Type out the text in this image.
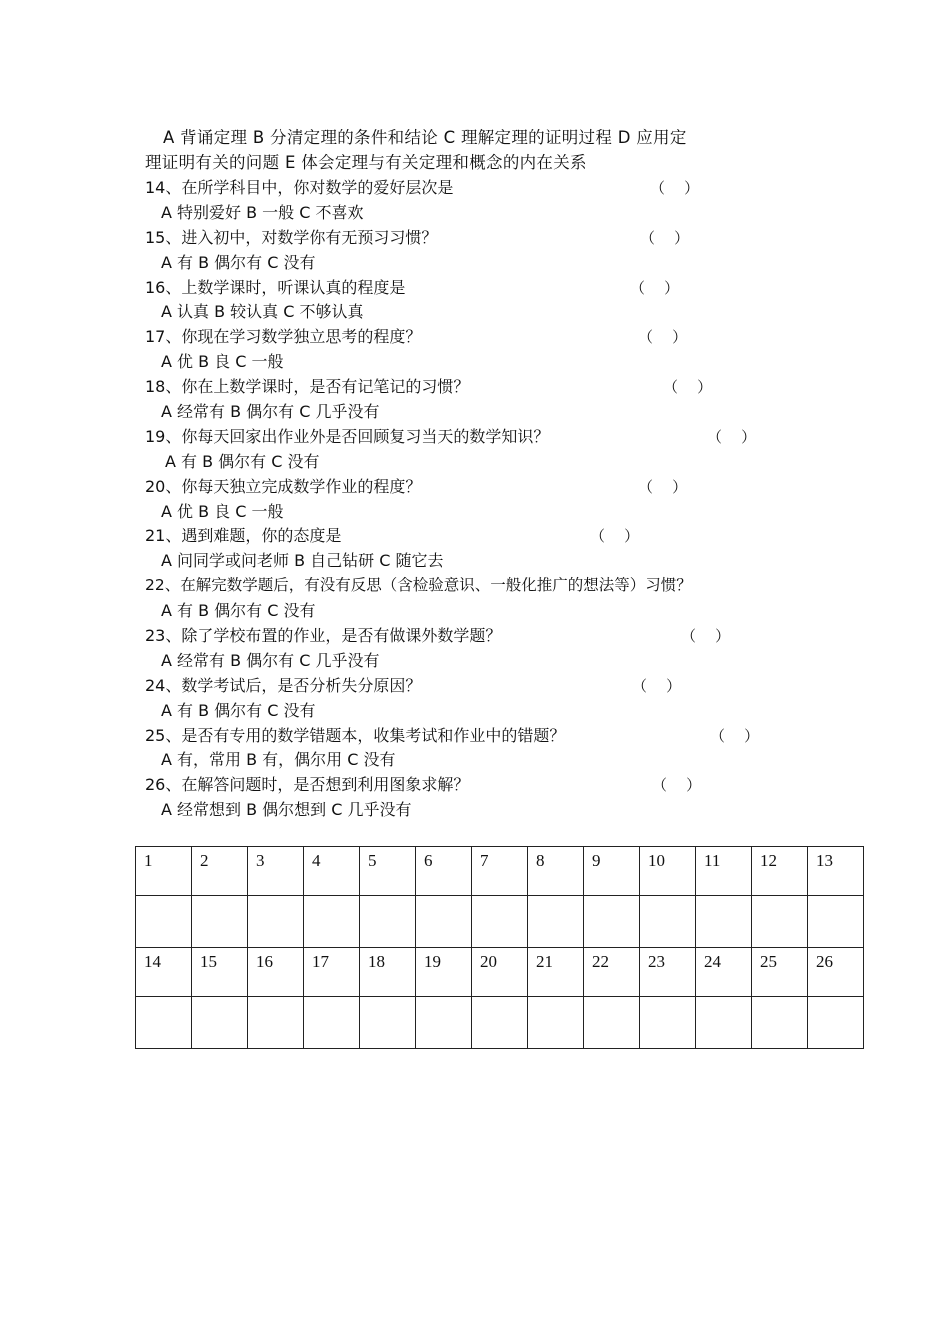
A 背诵定理 B 分清定理的条件和结论 C 理解定理的证明过程 D 应用定
理证明有关的问题 E 体会定理与有关定理和概念的内在关系
14、在所学科目中，你对数学的爱好层次是	（    ）
A 特别爱好 B 一般 C 不喜欢
15、进入初中，对数学你有无预习习惯？	（    ）
A 有 B 偶尔有 C 没有
16、上数学课时，听课认真的程度是	（    ）
A 认真 B 较认真 C 不够认真
17、你现在学习数学独立思考的程度？	（    ）
A 优 B 良 C 一般
18、你在上数学课时，是否有记笔记的习惯？	（    ）
A 经常有 B 偶尔有 C 几乎没有
19、你每天回家出作业外是否回顾复习当天的数学知识？	（    ）
A 有 B 偶尔有 C 没有
20、你每天独立完成数学作业的程度？	（    ）
A 优 B 良 C 一般
21、遇到难题，你的态度是	（    ）
A 问同学或问老师 B 自己钻研 C 随它去
22、在解完数学题后，有没有反思（含检验意识、一般化推广的想法等）习惯？
A 有 B 偶尔有 C 没有
23、除了学校布置的作业，是否有做课外数学题？	（    ）
A 经常有 B 偶尔有 C 几乎没有
24、数学考试后，是否分析失分原因？	（    ）
A 有 B 偶尔有 C 没有
25、是否有专用的数学错题本，收集考试和作业中的错题？	（    ）
A 有，常用 B 有，偶尔用 C 没有
26、在解答问题时，是否想到利用图象求解？	（    ）
A 经常想到 B 偶尔想到 C 几乎没有
1	2	3	4	5	6	7	8	9	10	11	12	13

14	15	16	17	18	19	20	21	22	23	24	25	26
